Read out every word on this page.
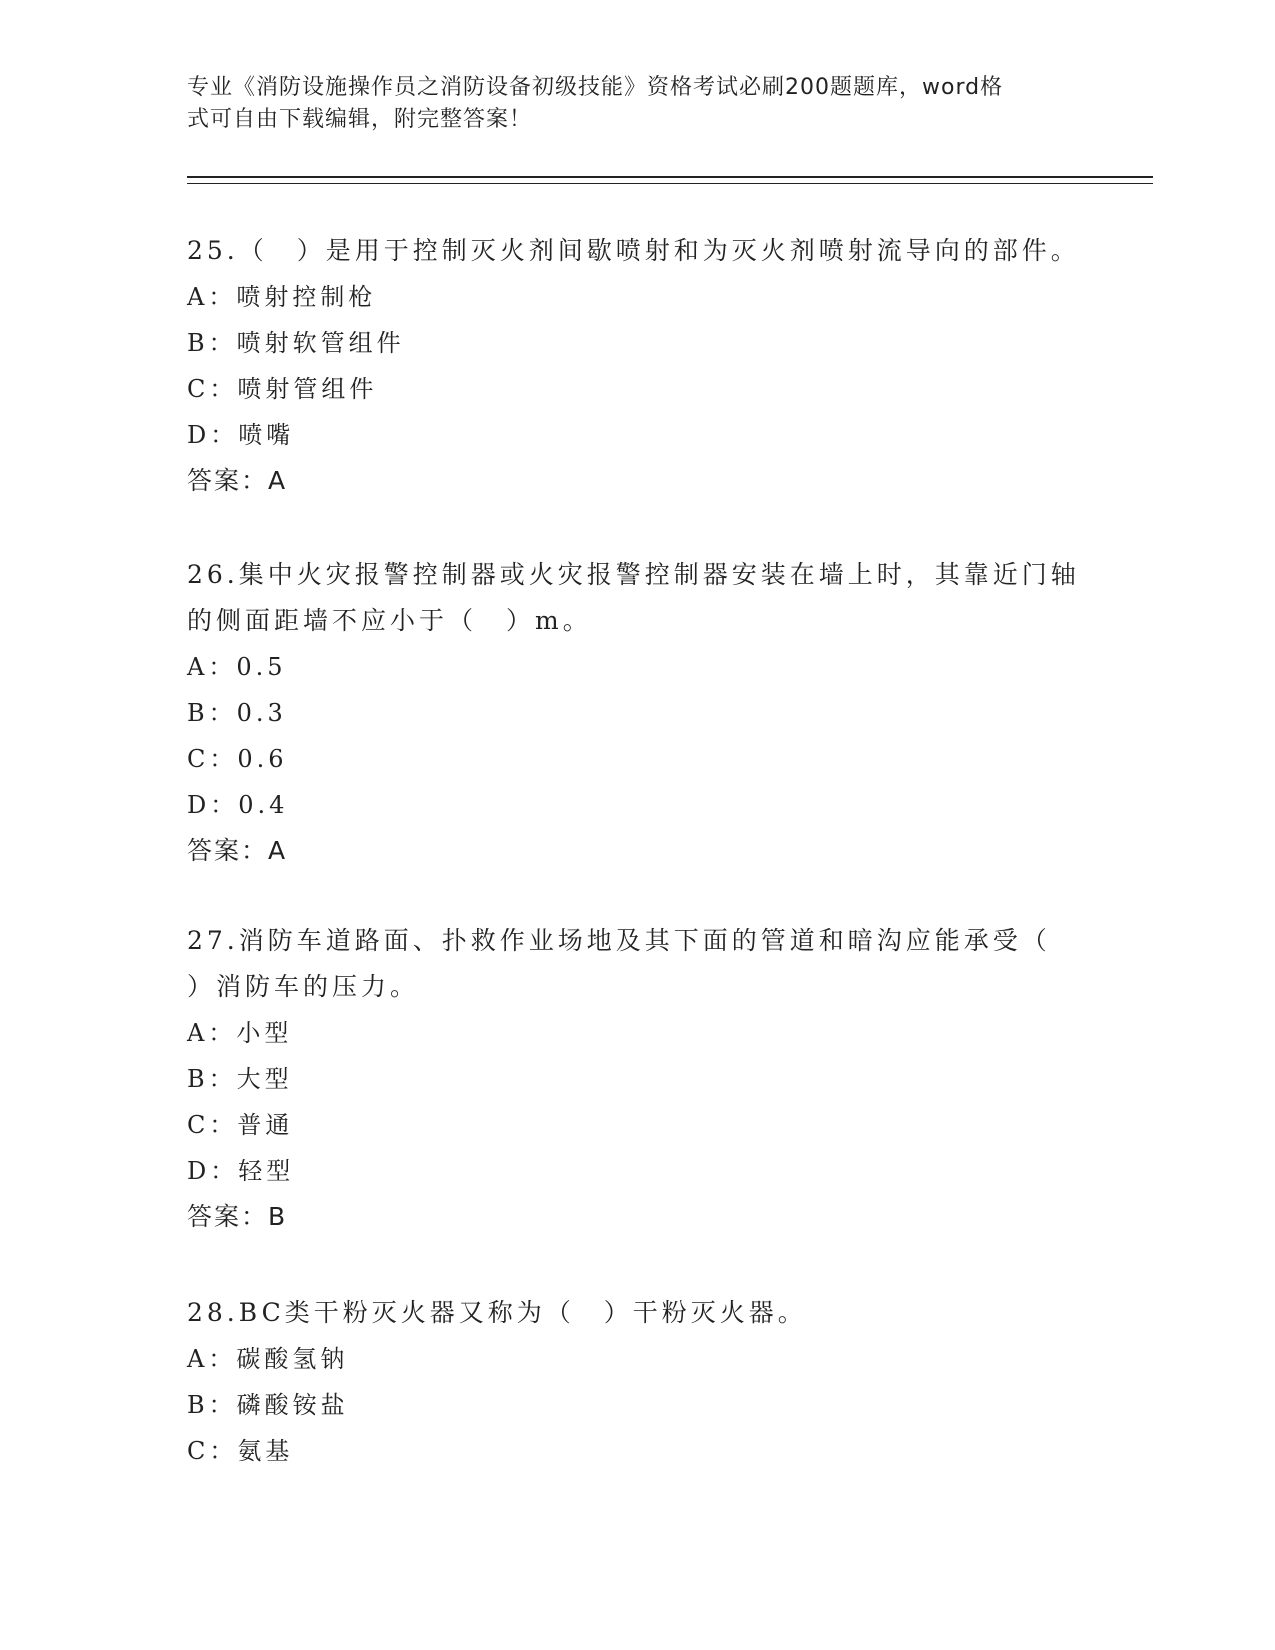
专业《消防设施操作员之消防设备初级技能》资格考试必刷200题题库，word格
式可自由下载编辑，附完整答案！
25.（　）是用于控制灭火剂间歇喷射和为灭火剂喷射流导向的部件。
A：喷射控制枪
B：喷射软管组件
C：喷射管组件
D：喷嘴
答案：A
26.集中火灾报警控制器或火灾报警控制器安装在墙上时，其靠近门轴
的侧面距墙不应小于（　）m。
A：0.5
B：0.3
C：0.6
D：0.4
答案：A
27.消防车道路面、扑救作业场地及其下面的管道和暗沟应能承受（
）消防车的压力。
A：小型
B：大型
C：普通
D：轻型
答案：B
28.BC类干粉灭火器又称为（　）干粉灭火器。
A：碳酸氢钠
B：磷酸铵盐
C：氨基
